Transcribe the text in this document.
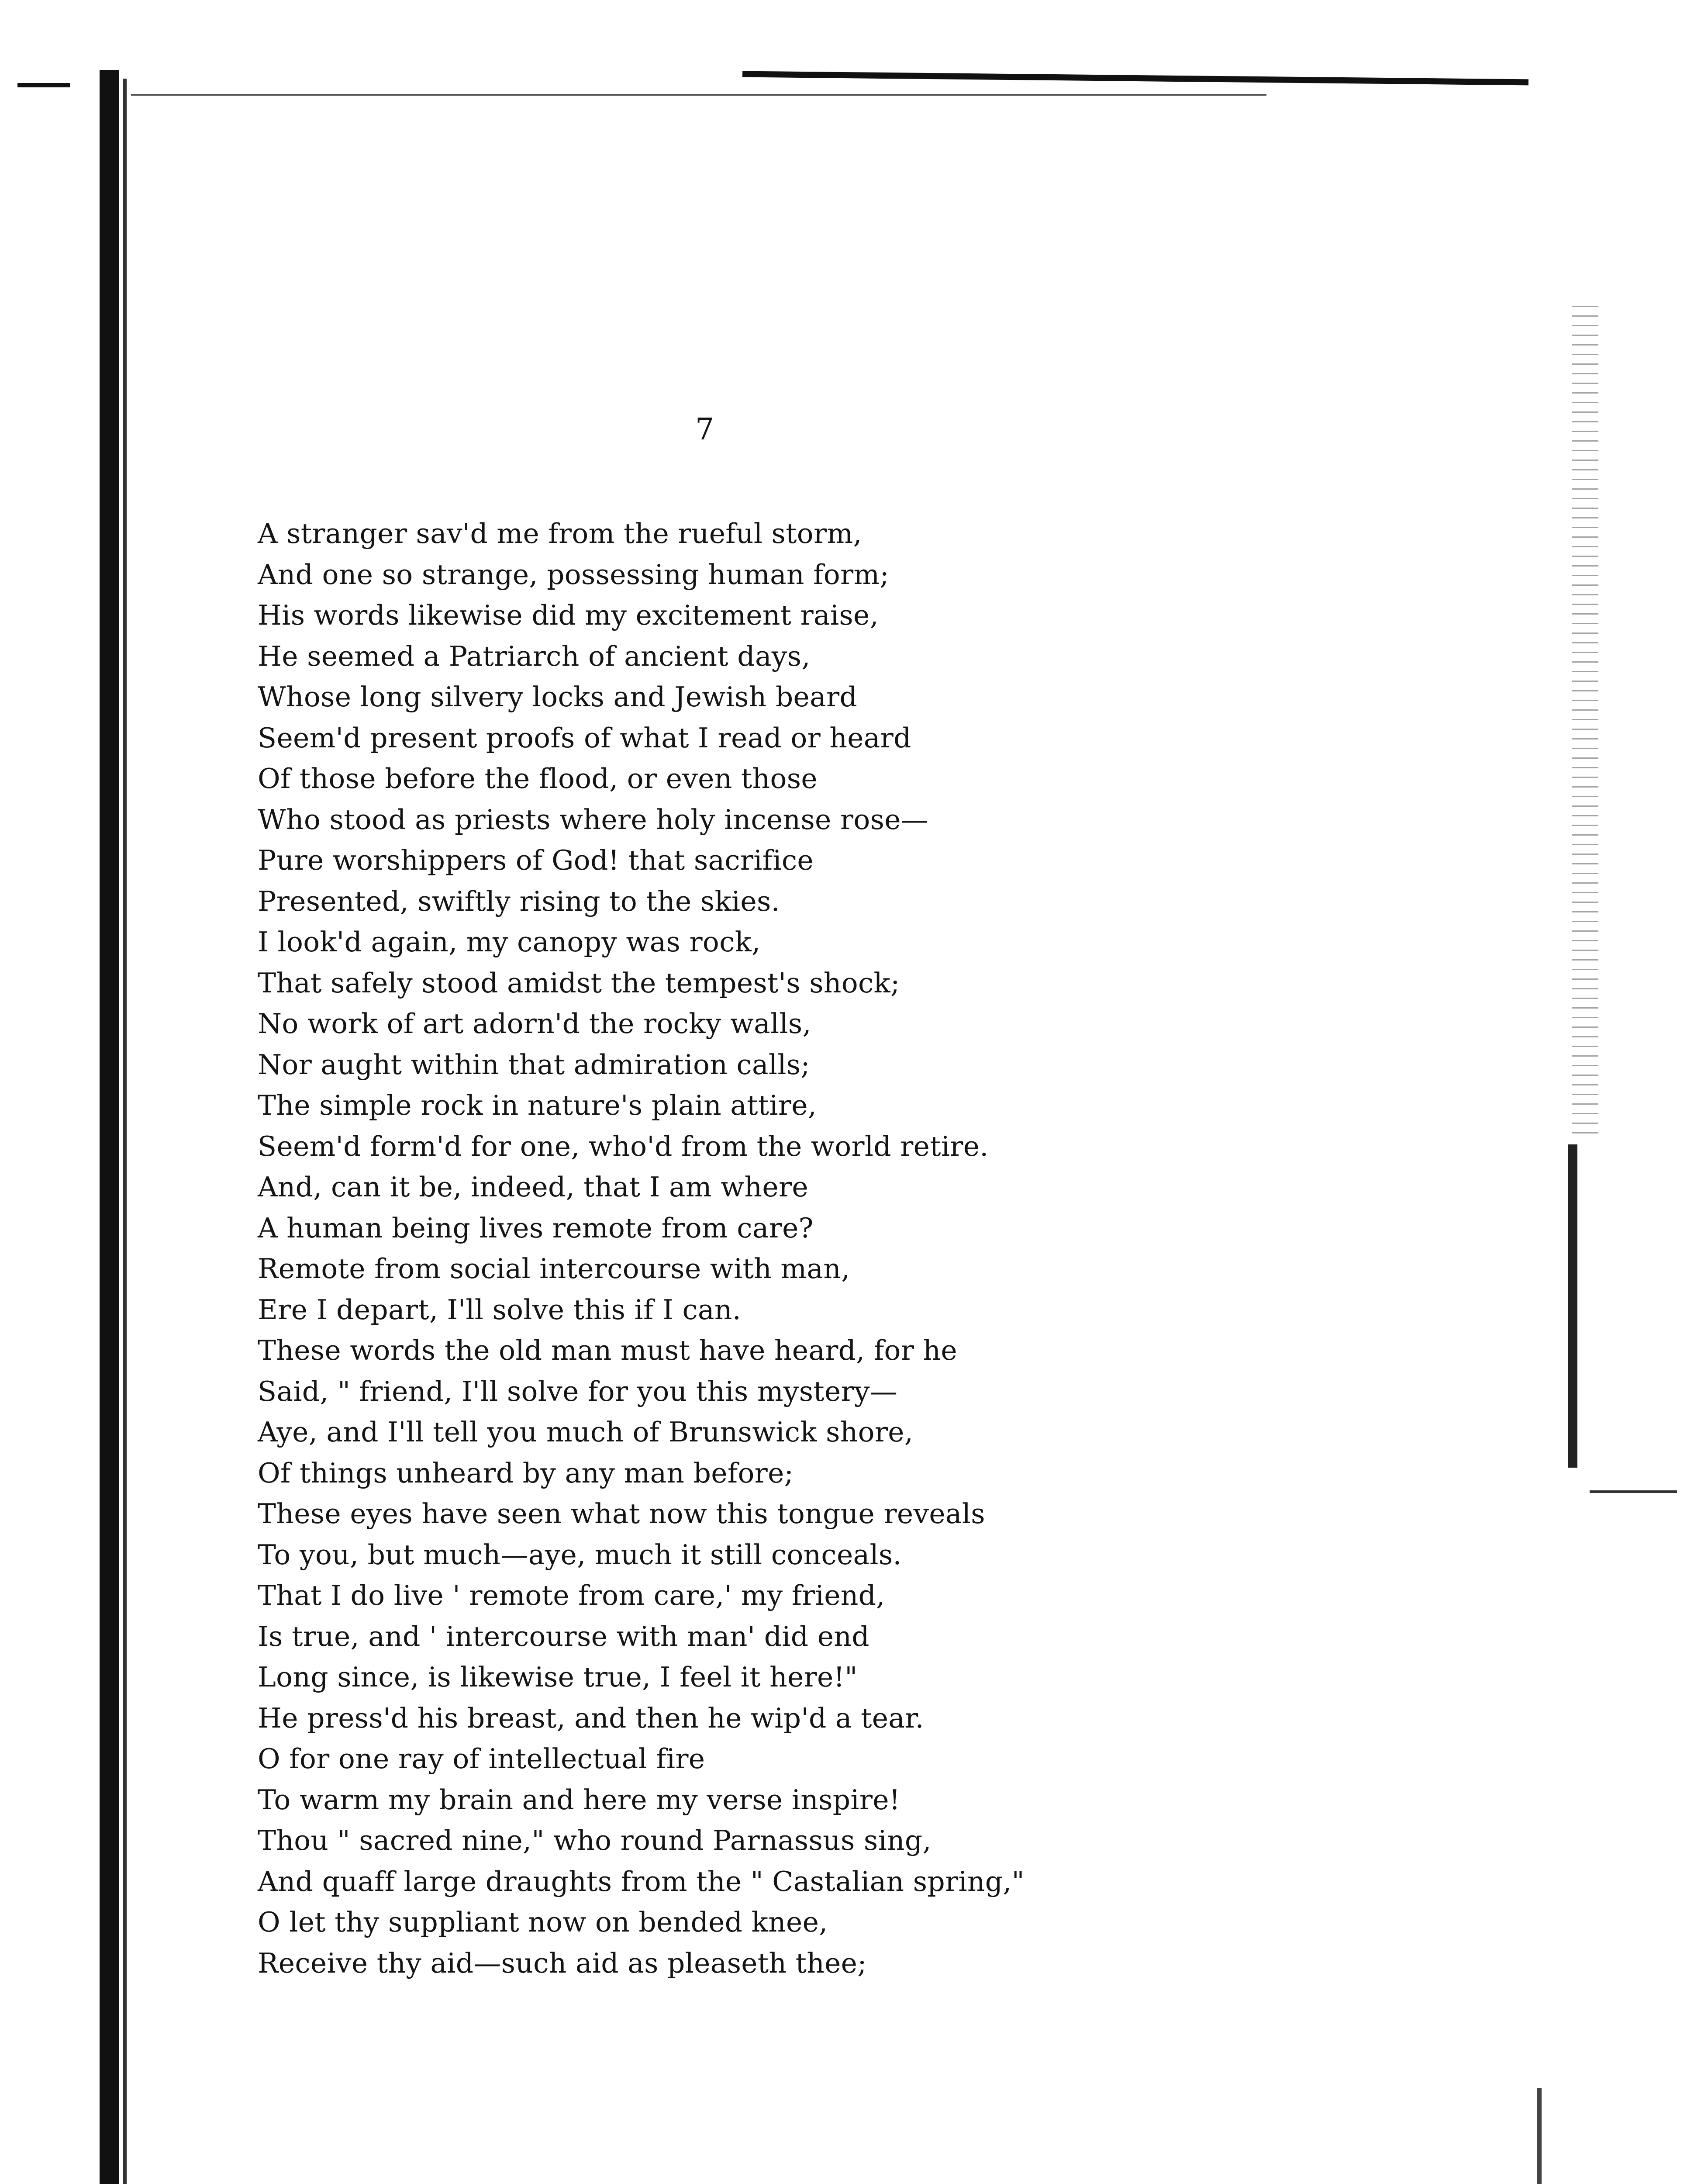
7
A stranger sav'd me from the rueful storm,
And one so strange, possessing human form;
His words likewise did my excitement raise,
He seemed a Patriarch of ancient days,
Whose long silvery locks and Jewish beard
Seem'd present proofs of what I read or heard
Of those before the flood, or even those
Who stood as priests where holy incense rose—
Pure worshippers of God! that sacrifice
Presented, swiftly rising to the skies.
I look'd again, my canopy was rock,
That safely stood amidst the tempest's shock;
No work of art adorn'd the rocky walls,
Nor aught within that admiration calls;
The simple rock in nature's plain attire,
Seem'd form'd for one, who'd from the world retire.
And, can it be, indeed, that I am where
A human being lives remote from care?
Remote from social intercourse with man,
Ere I depart, I'll solve this if I can.
These words the old man must have heard, for he
Said, " friend, I'll solve for you this mystery—
Aye, and I'll tell you much of Brunswick shore,
Of things unheard by any man before;
These eyes have seen what now this tongue reveals
To you, but much—aye, much it still conceals.
That I do live ' remote from care,' my friend,
Is true, and ' intercourse with man' did end
Long since, is likewise true, I feel it here!"
He press'd his breast, and then he wip'd a tear.
O for one ray of intellectual fire
To warm my brain and here my verse inspire!
Thou " sacred nine," who round Parnassus sing,
And quaff large draughts from the " Castalian spring,"
O let thy suppliant now on bended knee,
Receive thy aid—such aid as pleaseth thee;
